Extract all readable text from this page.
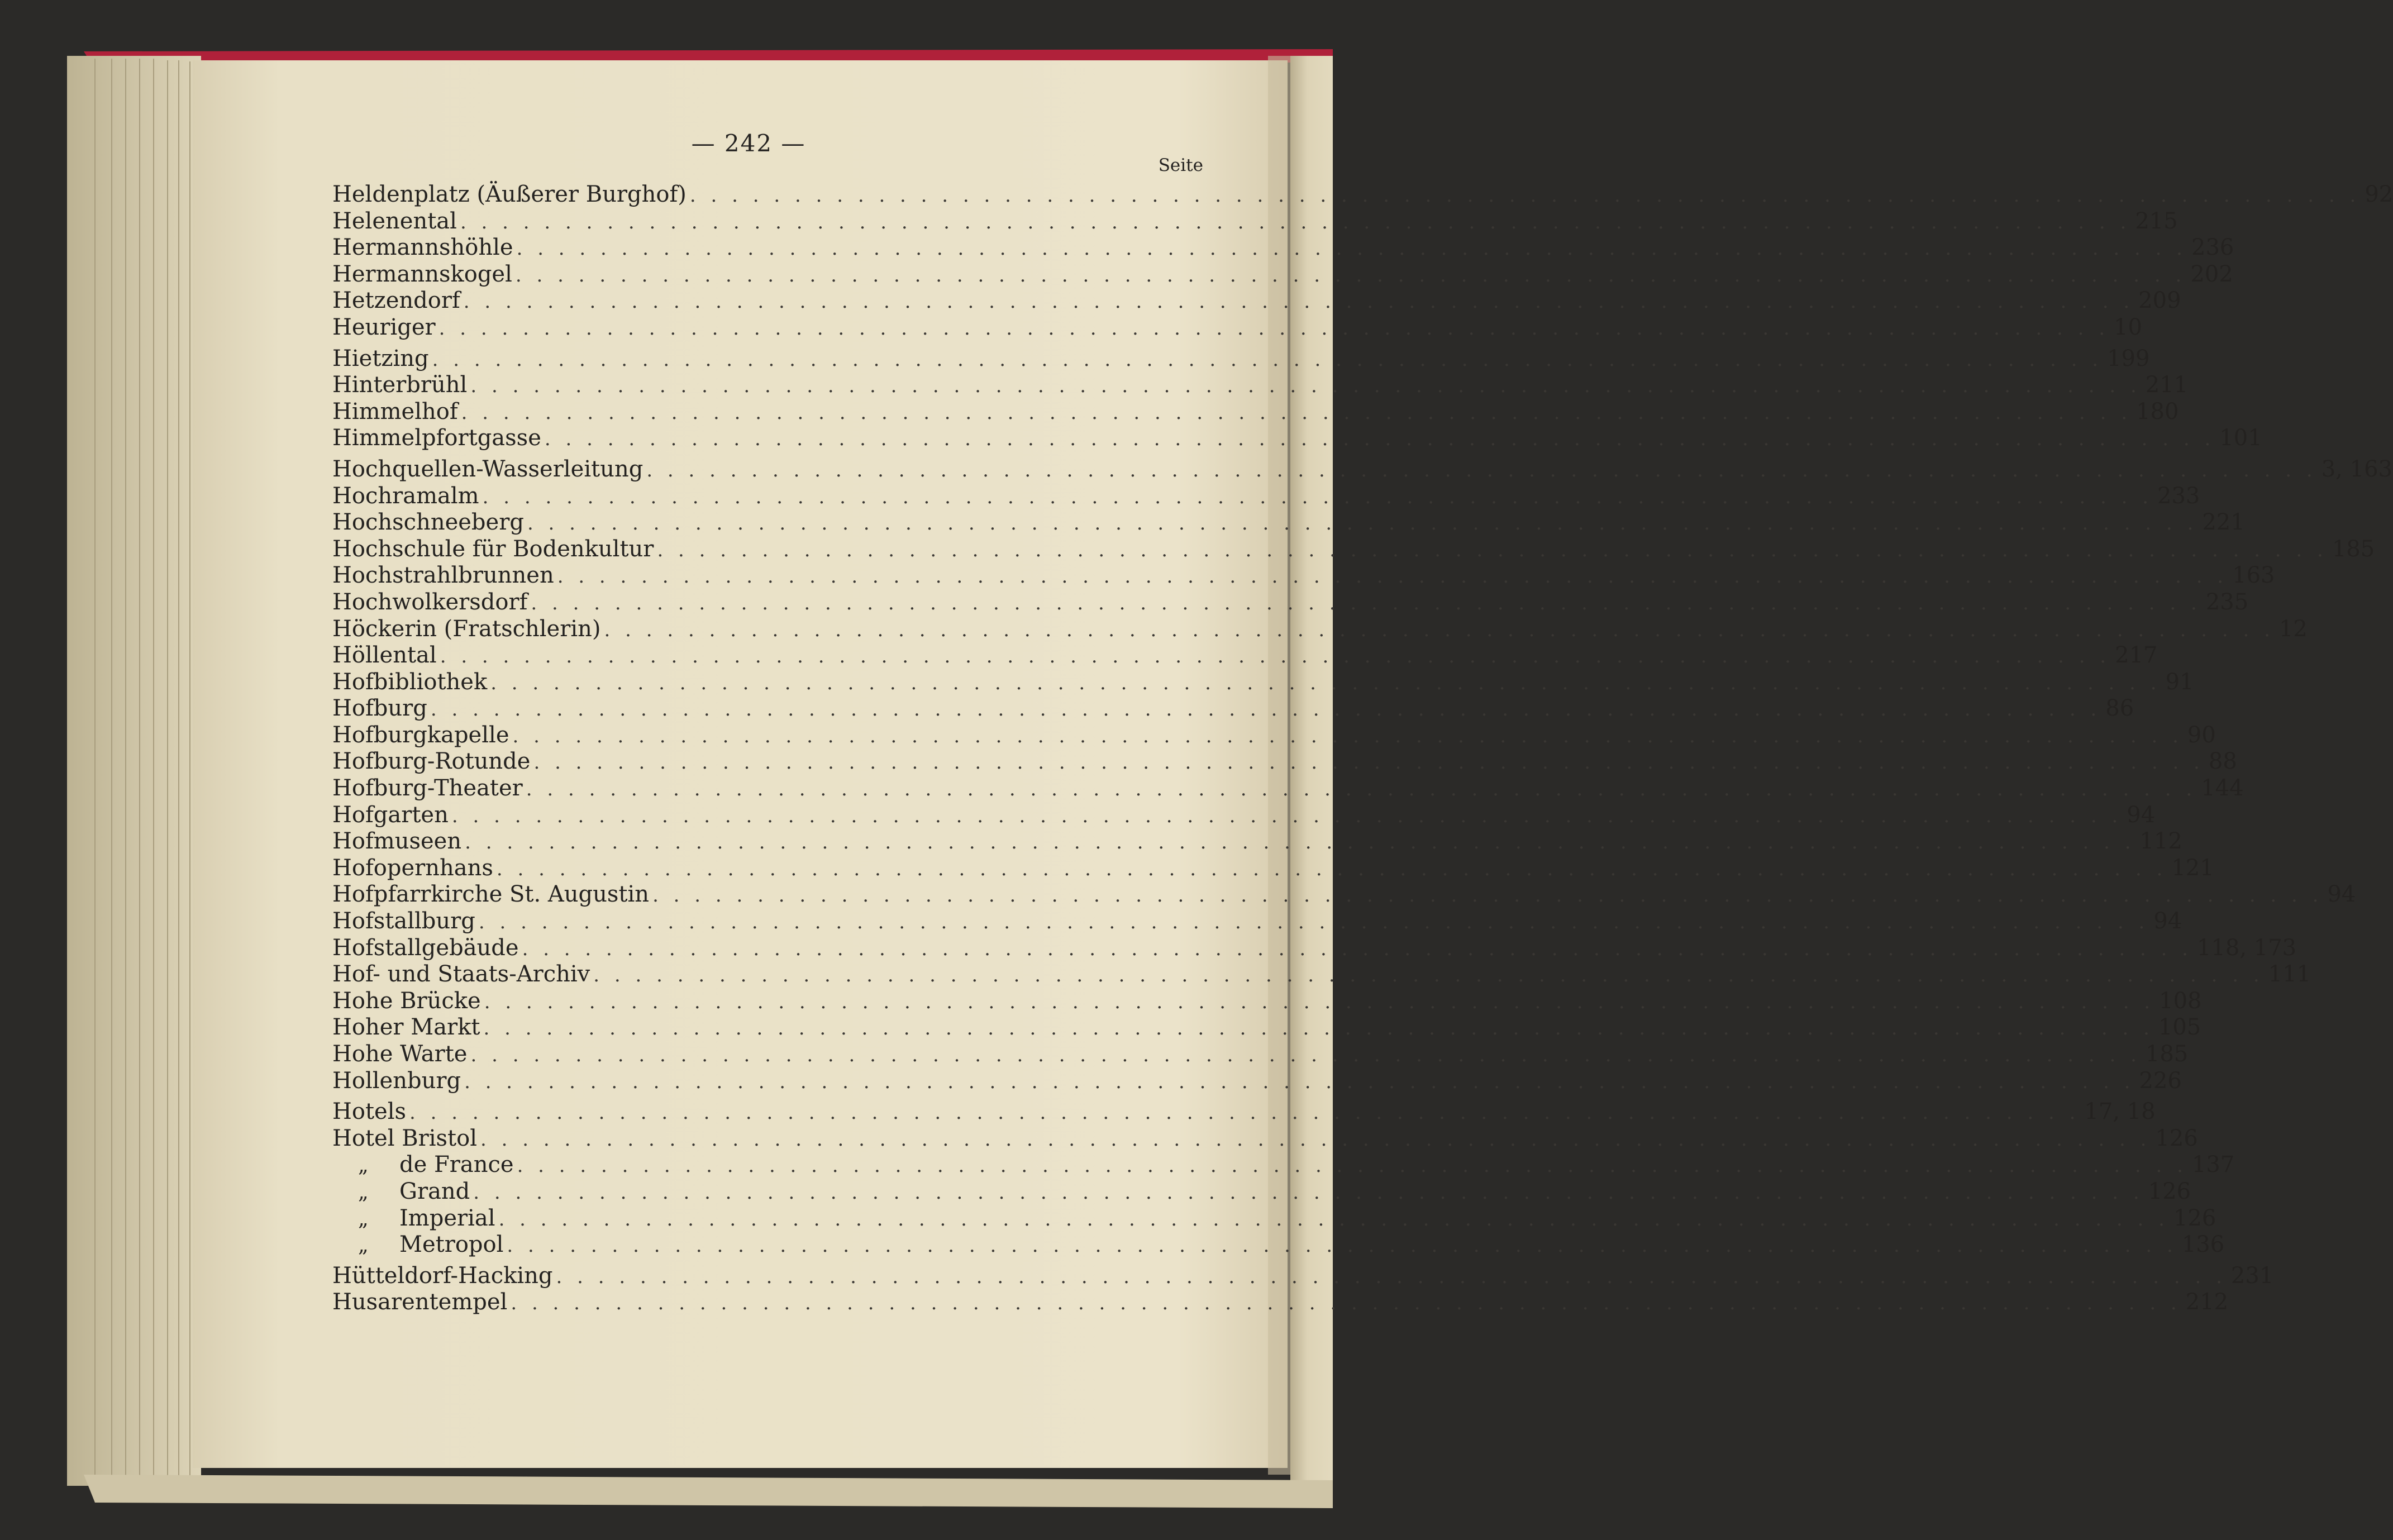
— 242 —
Seite
Heldenplatz (Äußerer Burghof) . . . . . . . . . . . . . . . . . . . . . . . . . . . . . . . . . . . . . . . . . . . . . . . . . . . . . . . . . . . . . . . . . . . . . . . . . . . . . . . . 92
Helenental . . . . . . . . . . . . . . . . . . . . . . . . . . . . . . . . . . . . . . . . . . . . . . . . . . . . . . . . . . . . . . . . . . . . . . . . . . . . . . . . 215
Hermannshöhle . . . . . . . . . . . . . . . . . . . . . . . . . . . . . . . . . . . . . . . . . . . . . . . . . . . . . . . . . . . . . . . . . . . . . . . . . . . . . . . . 236
Hermannskogel . . . . . . . . . . . . . . . . . . . . . . . . . . . . . . . . . . . . . . . . . . . . . . . . . . . . . . . . . . . . . . . . . . . . . . . . . . . . . . . . 202
Hetzendorf . . . . . . . . . . . . . . . . . . . . . . . . . . . . . . . . . . . . . . . . . . . . . . . . . . . . . . . . . . . . . . . . . . . . . . . . . . . . . . . . 209
Heuriger . . . . . . . . . . . . . . . . . . . . . . . . . . . . . . . . . . . . . . . . . . . . . . . . . . . . . . . . . . . . . . . . . . . . . . . . . . . . . . . . 10
Hietzing . . . . . . . . . . . . . . . . . . . . . . . . . . . . . . . . . . . . . . . . . . . . . . . . . . . . . . . . . . . . . . . . . . . . . . . . . . . . . . . . 199
Hinterbrühl . . . . . . . . . . . . . . . . . . . . . . . . . . . . . . . . . . . . . . . . . . . . . . . . . . . . . . . . . . . . . . . . . . . . . . . . . . . . . . . . 211
Himmelhof . . . . . . . . . . . . . . . . . . . . . . . . . . . . . . . . . . . . . . . . . . . . . . . . . . . . . . . . . . . . . . . . . . . . . . . . . . . . . . . . 180
Himmelpfortgasse . . . . . . . . . . . . . . . . . . . . . . . . . . . . . . . . . . . . . . . . . . . . . . . . . . . . . . . . . . . . . . . . . . . . . . . . . . . . . . . . 101
Hochquellen-Wasserleitung . . . . . . . . . . . . . . . . . . . . . . . . . . . . . . . . . . . . . . . . . . . . . . . . . . . . . . . . . . . . . . . . . . . . . . . . . . . . . . . . 3, 163
Hochramalm . . . . . . . . . . . . . . . . . . . . . . . . . . . . . . . . . . . . . . . . . . . . . . . . . . . . . . . . . . . . . . . . . . . . . . . . . . . . . . . . 233
Hochschneeberg . . . . . . . . . . . . . . . . . . . . . . . . . . . . . . . . . . . . . . . . . . . . . . . . . . . . . . . . . . . . . . . . . . . . . . . . . . . . . . . . 221
Hochschule für Bodenkultur . . . . . . . . . . . . . . . . . . . . . . . . . . . . . . . . . . . . . . . . . . . . . . . . . . . . . . . . . . . . . . . . . . . . . . . . . . . . . . . . 185
Hochstrahlbrunnen . . . . . . . . . . . . . . . . . . . . . . . . . . . . . . . . . . . . . . . . . . . . . . . . . . . . . . . . . . . . . . . . . . . . . . . . . . . . . . . . 163
Hochwolkersdorf . . . . . . . . . . . . . . . . . . . . . . . . . . . . . . . . . . . . . . . . . . . . . . . . . . . . . . . . . . . . . . . . . . . . . . . . . . . . . . . . 235
Höckerin (Fratschlerin) . . . . . . . . . . . . . . . . . . . . . . . . . . . . . . . . . . . . . . . . . . . . . . . . . . . . . . . . . . . . . . . . . . . . . . . . . . . . . . . . 12
Höllental . . . . . . . . . . . . . . . . . . . . . . . . . . . . . . . . . . . . . . . . . . . . . . . . . . . . . . . . . . . . . . . . . . . . . . . . . . . . . . . . 217
Hofbibliothek . . . . . . . . . . . . . . . . . . . . . . . . . . . . . . . . . . . . . . . . . . . . . . . . . . . . . . . . . . . . . . . . . . . . . . . . . . . . . . . . 91
Hofburg . . . . . . . . . . . . . . . . . . . . . . . . . . . . . . . . . . . . . . . . . . . . . . . . . . . . . . . . . . . . . . . . . . . . . . . . . . . . . . . . 86
Hofburgkapelle . . . . . . . . . . . . . . . . . . . . . . . . . . . . . . . . . . . . . . . . . . . . . . . . . . . . . . . . . . . . . . . . . . . . . . . . . . . . . . . . 90
Hofburg-Rotunde . . . . . . . . . . . . . . . . . . . . . . . . . . . . . . . . . . . . . . . . . . . . . . . . . . . . . . . . . . . . . . . . . . . . . . . . . . . . . . . . 88
Hofburg-Theater . . . . . . . . . . . . . . . . . . . . . . . . . . . . . . . . . . . . . . . . . . . . . . . . . . . . . . . . . . . . . . . . . . . . . . . . . . . . . . . . 144
Hofgarten . . . . . . . . . . . . . . . . . . . . . . . . . . . . . . . . . . . . . . . . . . . . . . . . . . . . . . . . . . . . . . . . . . . . . . . . . . . . . . . . 94
Hofmuseen . . . . . . . . . . . . . . . . . . . . . . . . . . . . . . . . . . . . . . . . . . . . . . . . . . . . . . . . . . . . . . . . . . . . . . . . . . . . . . . . 112
Hofopernhans . . . . . . . . . . . . . . . . . . . . . . . . . . . . . . . . . . . . . . . . . . . . . . . . . . . . . . . . . . . . . . . . . . . . . . . . . . . . . . . . 121
Hofpfarrkirche St. Augustin . . . . . . . . . . . . . . . . . . . . . . . . . . . . . . . . . . . . . . . . . . . . . . . . . . . . . . . . . . . . . . . . . . . . . . . . . . . . . . . . 94
Hofstallburg . . . . . . . . . . . . . . . . . . . . . . . . . . . . . . . . . . . . . . . . . . . . . . . . . . . . . . . . . . . . . . . . . . . . . . . . . . . . . . . . 94
Hofstallgebäude . . . . . . . . . . . . . . . . . . . . . . . . . . . . . . . . . . . . . . . . . . . . . . . . . . . . . . . . . . . . . . . . . . . . . . . . . . . . . . . . 118, 173
Hof- und Staats-Archiv . . . . . . . . . . . . . . . . . . . . . . . . . . . . . . . . . . . . . . . . . . . . . . . . . . . . . . . . . . . . . . . . . . . . . . . . . . . . . . . . 111
Hohe Brücke . . . . . . . . . . . . . . . . . . . . . . . . . . . . . . . . . . . . . . . . . . . . . . . . . . . . . . . . . . . . . . . . . . . . . . . . . . . . . . . . 108
Hoher Markt . . . . . . . . . . . . . . . . . . . . . . . . . . . . . . . . . . . . . . . . . . . . . . . . . . . . . . . . . . . . . . . . . . . . . . . . . . . . . . . . 105
Hohe Warte . . . . . . . . . . . . . . . . . . . . . . . . . . . . . . . . . . . . . . . . . . . . . . . . . . . . . . . . . . . . . . . . . . . . . . . . . . . . . . . . 185
Hollenburg . . . . . . . . . . . . . . . . . . . . . . . . . . . . . . . . . . . . . . . . . . . . . . . . . . . . . . . . . . . . . . . . . . . . . . . . . . . . . . . . 226
Hotels . . . . . . . . . . . . . . . . . . . . . . . . . . . . . . . . . . . . . . . . . . . . . . . . . . . . . . . . . . . . . . . . . . . . . . . . . . . . . . . . 17, 18
Hotel Bristol . . . . . . . . . . . . . . . . . . . . . . . . . . . . . . . . . . . . . . . . . . . . . . . . . . . . . . . . . . . . . . . . . . . . . . . . . . . . . . . . 126
„ de France . . . . . . . . . . . . . . . . . . . . . . . . . . . . . . . . . . . . . . . . . . . . . . . . . . . . . . . . . . . . . . . . . . . . . . . . . . . . . . . . 137
„ Grand . . . . . . . . . . . . . . . . . . . . . . . . . . . . . . . . . . . . . . . . . . . . . . . . . . . . . . . . . . . . . . . . . . . . . . . . . . . . . . . . 126
„ Imperial . . . . . . . . . . . . . . . . . . . . . . . . . . . . . . . . . . . . . . . . . . . . . . . . . . . . . . . . . . . . . . . . . . . . . . . . . . . . . . . . 126
„ Metropol . . . . . . . . . . . . . . . . . . . . . . . . . . . . . . . . . . . . . . . . . . . . . . . . . . . . . . . . . . . . . . . . . . . . . . . . . . . . . . . . 136
Hütteldorf-Hacking . . . . . . . . . . . . . . . . . . . . . . . . . . . . . . . . . . . . . . . . . . . . . . . . . . . . . . . . . . . . . . . . . . . . . . . . . . . . . . . . 231
Husarentempel . . . . . . . . . . . . . . . . . . . . . . . . . . . . . . . . . . . . . . . . . . . . . . . . . . . . . . . . . . . . . . . . . . . . . . . . . . . . . . . . 212
